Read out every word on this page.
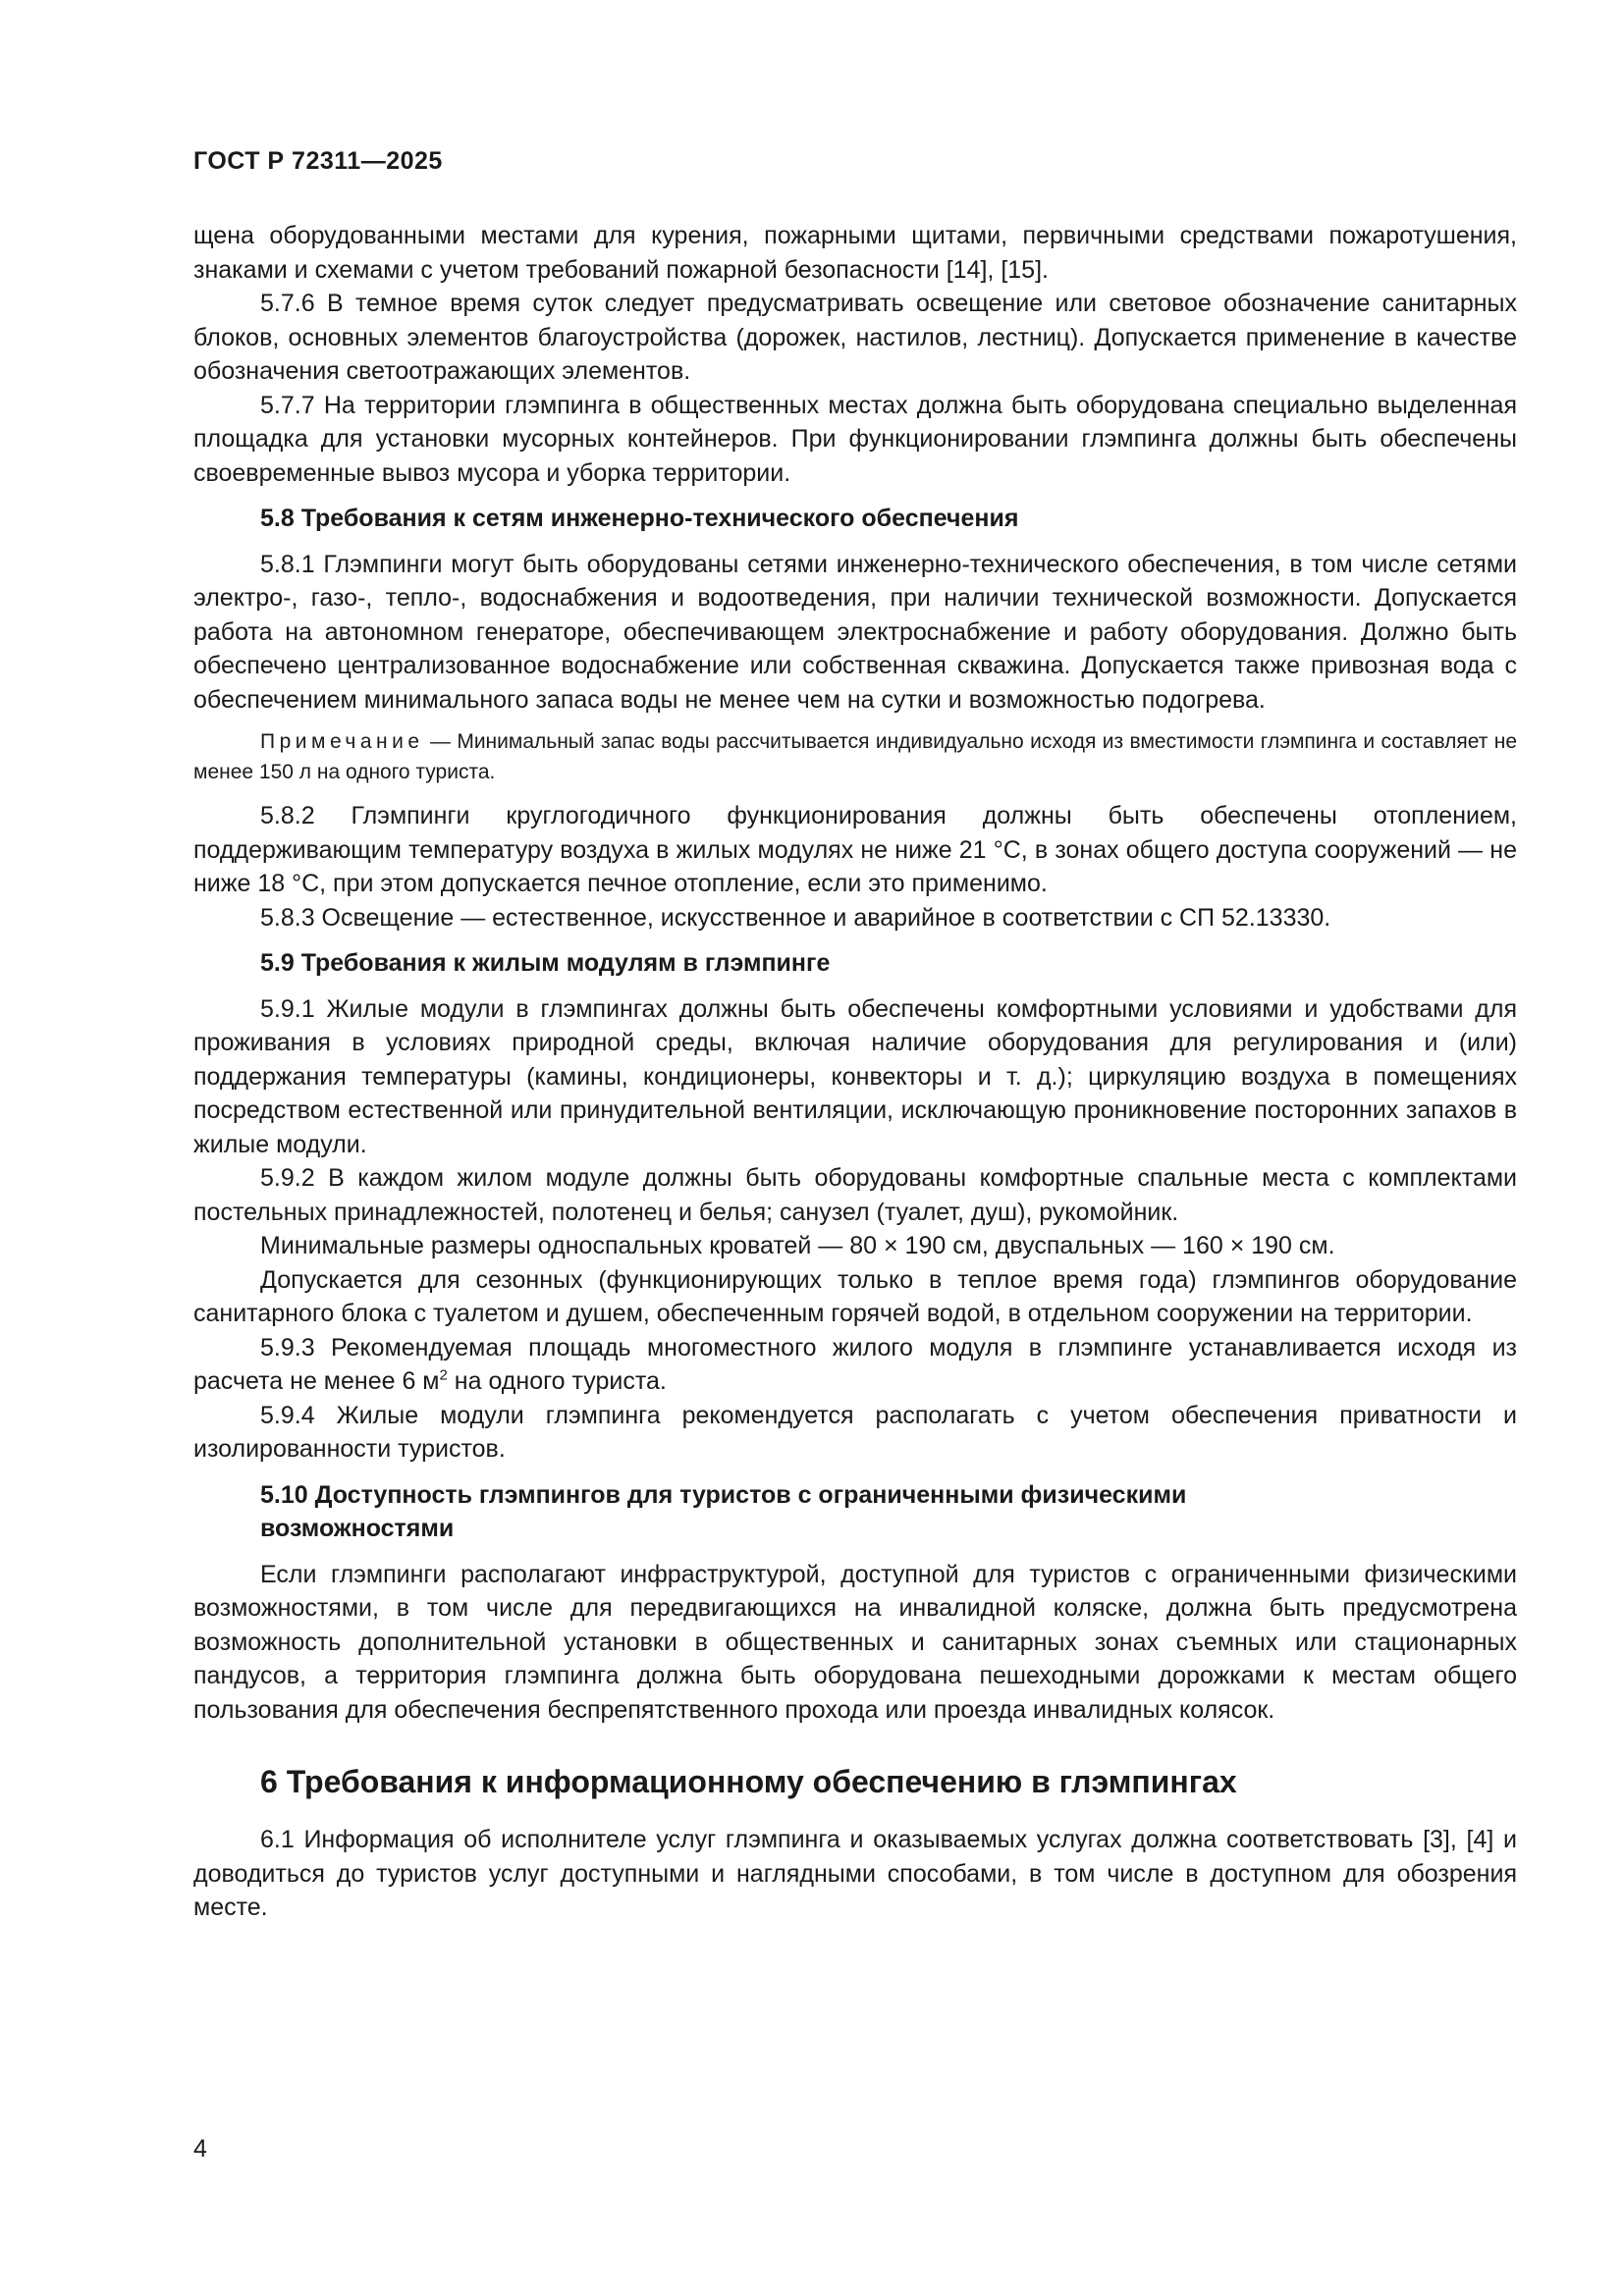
ГОСТ Р 72311—2025

щена оборудованными местами для курения, пожарными щитами, первичными средствами пожаротушения, знаками и схемами с учетом требований пожарной безопасности [14], [15].

5.7.6 В темное время суток следует предусматривать освещение или световое обозначение санитарных блоков, основных элементов благоустройства (дорожек, настилов, лестниц). Допускается применение в качестве обозначения светоотражающих элементов.

5.7.7 На территории глэмпинга в общественных местах должна быть оборудована специально выделенная площадка для установки мусорных контейнеров. При функционировании глэмпинга должны быть обеспечены своевременные вывоз мусора и уборка территории.

5.8 Требования к сетям инженерно-технического обеспечения

5.8.1 Глэмпинги могут быть оборудованы сетями инженерно-технического обеспечения, в том числе сетями электро-, газо-, тепло-, водоснабжения и водоотведения, при наличии технической возможности. Допускается работа на автономном генераторе, обеспечивающем электроснабжение и работу оборудования. Должно быть обеспечено централизованное водоснабжение или собственная скважина. Допускается также привозная вода с обеспечением минимального запаса воды не менее чем на сутки и возможностью подогрева.

Примечание — Минимальный запас воды рассчитывается индивидуально исходя из вместимости глэмпинга и составляет не менее 150 л на одного туриста.

5.8.2 Глэмпинги круглогодичного функционирования должны быть обеспечены отоплением, поддерживающим температуру воздуха в жилых модулях не ниже 21 °С, в зонах общего доступа сооружений — не ниже 18 °С, при этом допускается печное отопление, если это применимо.

5.8.3 Освещение — естественное, искусственное и аварийное в соответствии с СП 52.13330.

5.9 Требования к жилым модулям в глэмпинге

5.9.1 Жилые модули в глэмпингах должны быть обеспечены комфортными условиями и удобствами для проживания в условиях природной среды, включая наличие оборудования для регулирования и (или) поддержания температуры (камины, кондиционеры, конвекторы и т. д.); циркуляцию воздуха в помещениях посредством естественной или принудительной вентиляции, исключающую проникновение посторонних запахов в жилые модули.

5.9.2 В каждом жилом модуле должны быть оборудованы комфортные спальные места с комплектами постельных принадлежностей, полотенец и белья; санузел (туалет, душ), рукомойник.

Минимальные размеры односпальных кроватей — 80 × 190 см, двуспальных — 160 × 190 см.

Допускается для сезонных (функционирующих только в теплое время года) глэмпингов оборудование санитарного блока с туалетом и душем, обеспеченным горячей водой, в отдельном сооружении на территории.

5.9.3 Рекомендуемая площадь многоместного жилого модуля в глэмпинге устанавливается исходя из расчета не менее 6 $м^2$ на одного туриста.

5.9.4 Жилые модули глэмпинга рекомендуется располагать с учетом обеспечения приватности и изолированности туристов.

5.10 Доступность глэмпингов для туристов с ограниченными физическими возможностями

Если глэмпинги располагают инфраструктурой, доступной для туристов с ограниченными физическими возможностями, в том числе для передвигающихся на инвалидной коляске, должна быть предусмотрена возможность дополнительной установки в общественных и санитарных зонах съемных или стационарных пандусов, а территория глэмпинга должна быть оборудована пешеходными дорожками к местам общего пользования для обеспечения беспрепятственного прохода или проезда инвалидных колясок.

6 Требования к информационному обеспечению в глэмпингах

6.1 Информация об исполнителе услуг глэмпинга и оказываемых услугах должна соответствовать [3], [4] и доводиться до туристов услуг доступными и наглядными способами, в том числе в доступном для обозрения месте.

4
